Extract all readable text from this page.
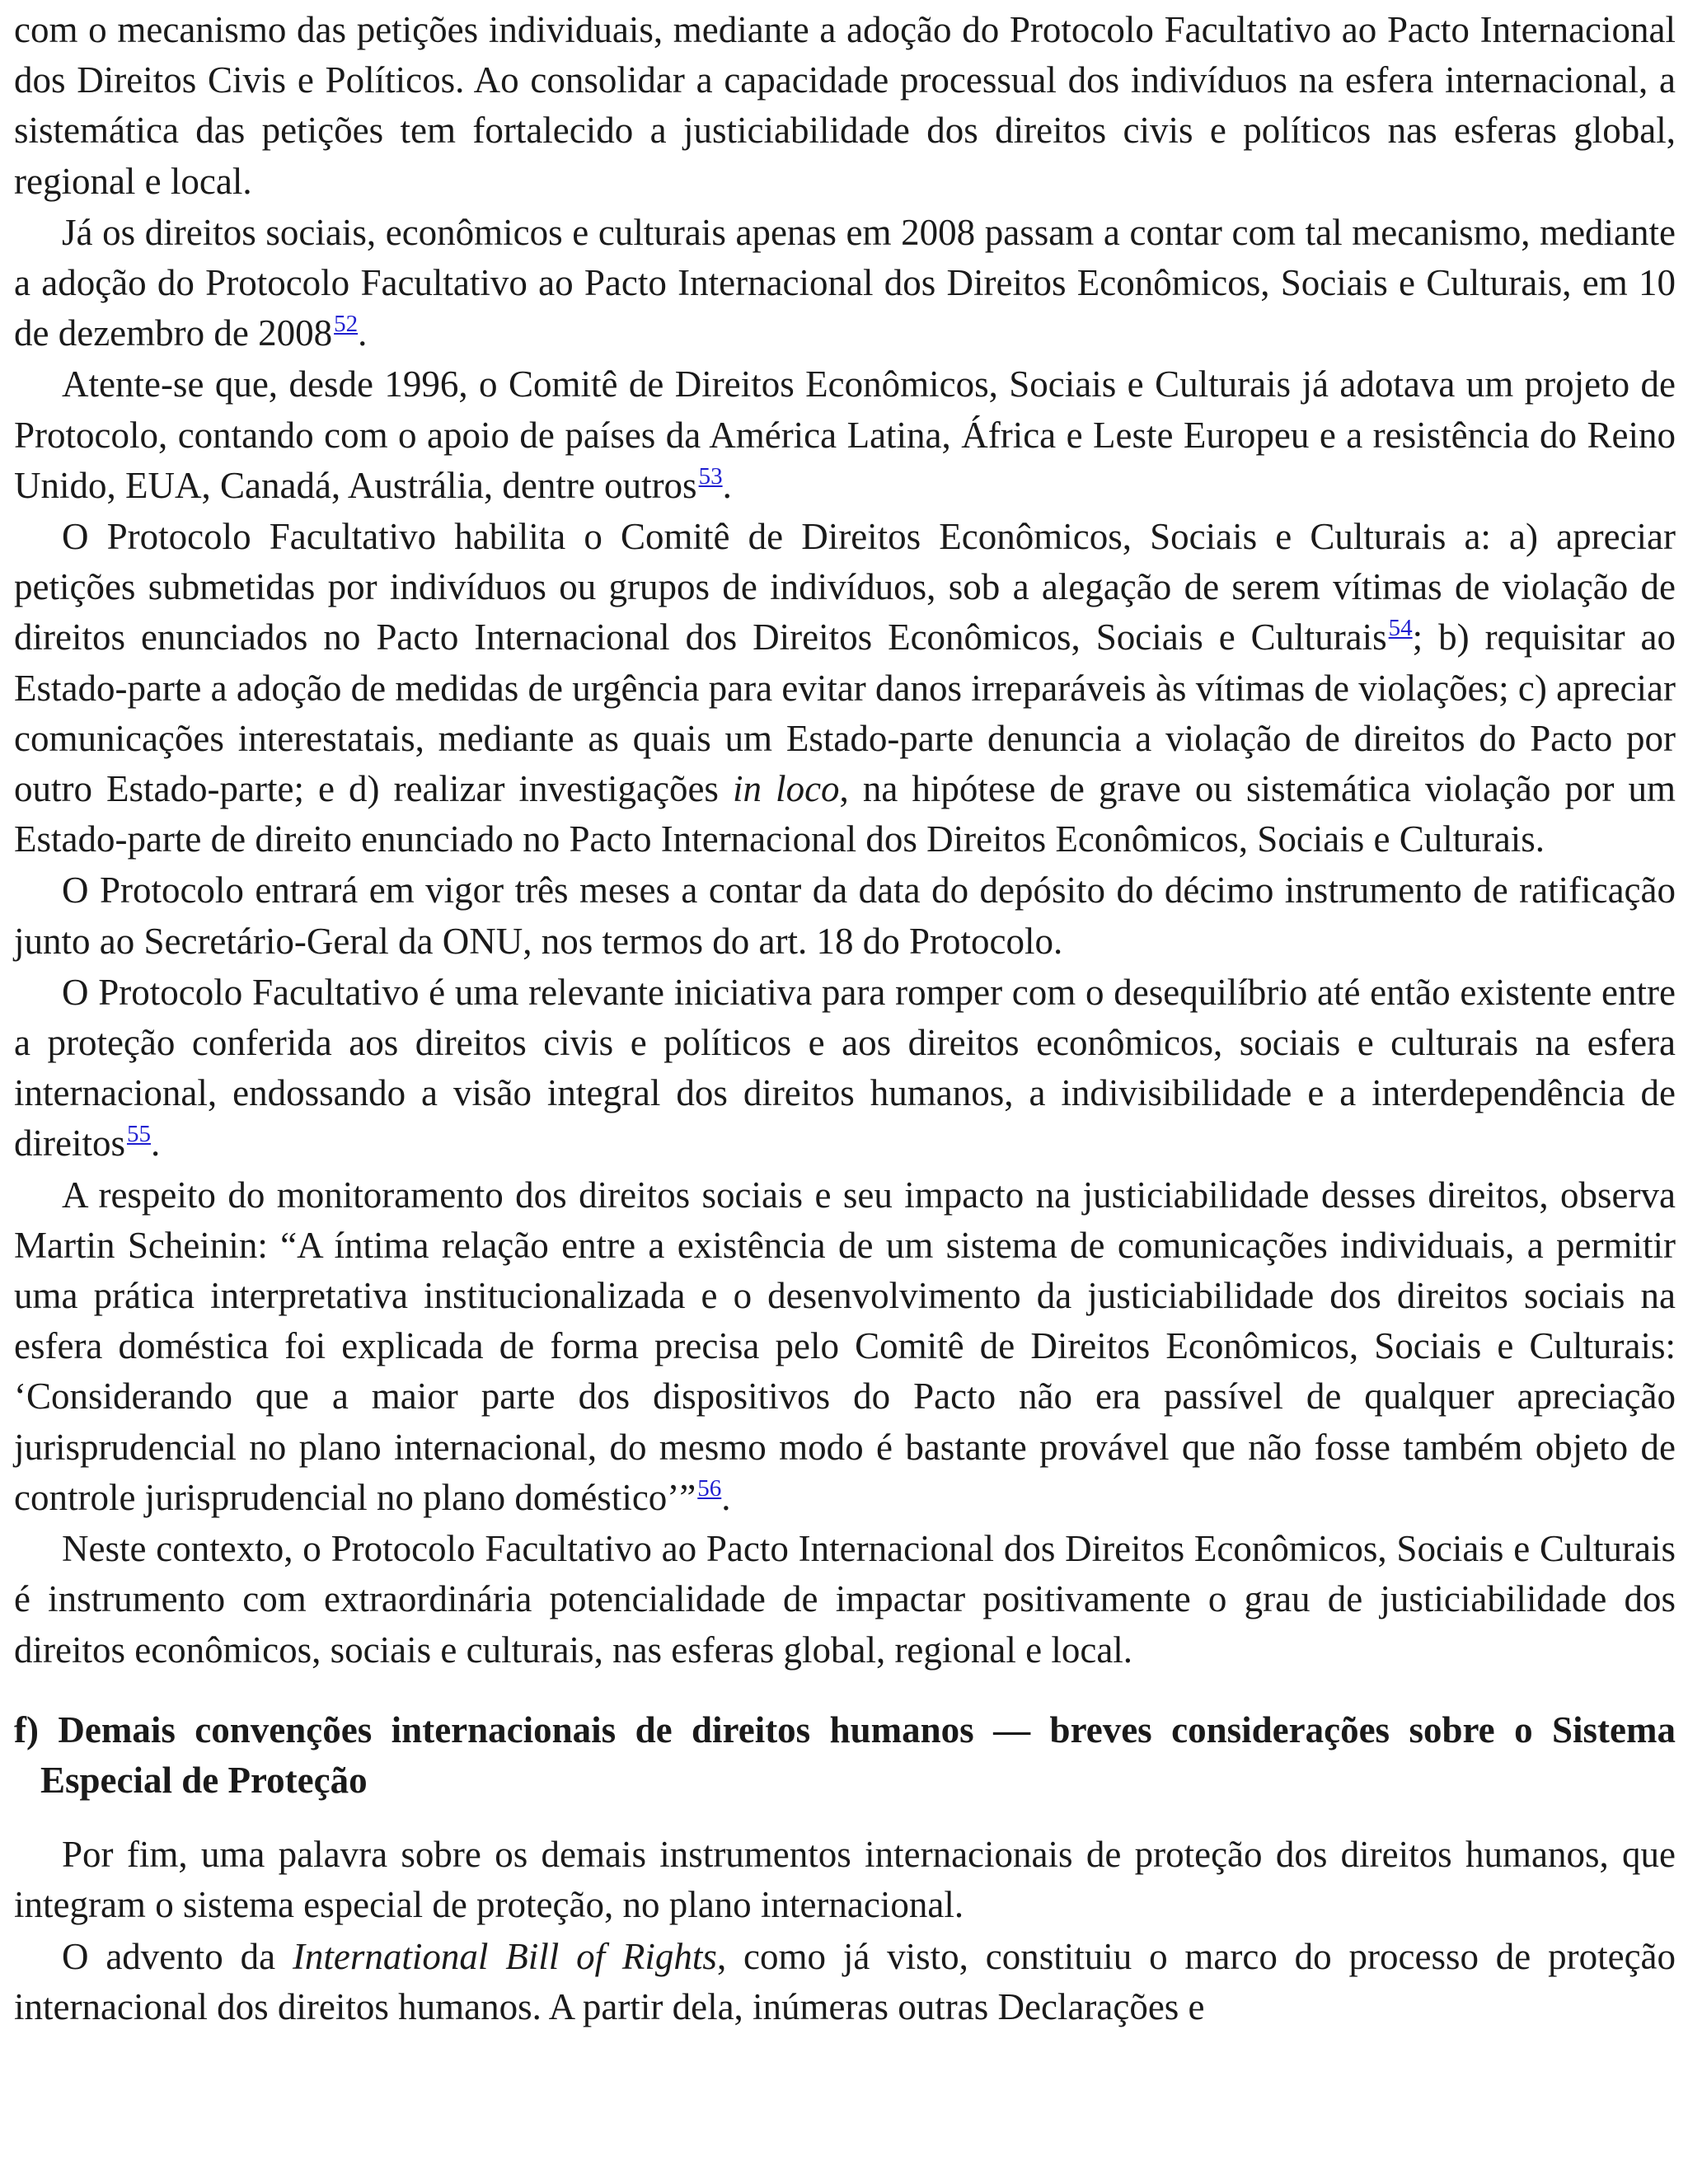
com o mecanismo das petições individuais, mediante a adoção do Protocolo Facultativo ao Pacto Internacional dos Direitos Civis e Políticos. Ao consolidar a capacidade processual dos indivíduos na esfera internacional, a sistemática das petições tem fortalecido a justiciabilidade dos direitos civis e políticos nas esferas global, regional e local.

Já os direitos sociais, econômicos e culturais apenas em 2008 passam a contar com tal mecanismo, mediante a adoção do Protocolo Facultativo ao Pacto Internacional dos Direitos Econômicos, Sociais e Culturais, em 10 de dezembro de 2008$^{52}$.

Atente-se que, desde 1996, o Comitê de Direitos Econômicos, Sociais e Culturais já adotava um projeto de Protocolo, contando com o apoio de países da América Latina, África e Leste Europeu e a resistência do Reino Unido, EUA, Canadá, Austrália, dentre outros$^{53}$.

O Protocolo Facultativo habilita o Comitê de Direitos Econômicos, Sociais e Culturais a: a) apreciar petições submetidas por indivíduos ou grupos de indivíduos, sob a alegação de serem vítimas de violação de direitos enunciados no Pacto Internacional dos Direitos Econômicos, Sociais e Culturais$^{54}$; b) requisitar ao Estado-parte a adoção de medidas de urgência para evitar danos irreparáveis às vítimas de violações; c) apreciar comunicações interestatais, mediante as quais um Estado-parte denuncia a violação de direitos do Pacto por outro Estado-parte; e d) realizar investigações in loco, na hipótese de grave ou sistemática violação por um Estado-parte de direito enunciado no Pacto Internacional dos Direitos Econômicos, Sociais e Culturais.

O Protocolo entrará em vigor três meses a contar da data do depósito do décimo instrumento de ratificação junto ao Secretário-Geral da ONU, nos termos do art. 18 do Protocolo.

O Protocolo Facultativo é uma relevante iniciativa para romper com o desequilíbrio até então existente entre a proteção conferida aos direitos civis e políticos e aos direitos econômicos, sociais e culturais na esfera internacional, endossando a visão integral dos direitos humanos, a indivisibilidade e a interdependência de direitos$^{55}$.

A respeito do monitoramento dos direitos sociais e seu impacto na justiciabilidade desses direitos, observa Martin Scheinin: “A íntima relação entre a existência de um sistema de comunicações individuais, a permitir uma prática interpretativa institucionalizada e o desenvolvimento da justiciabilidade dos direitos sociais na esfera doméstica foi explicada de forma precisa pelo Comitê de Direitos Econômicos, Sociais e Culturais: ‘Considerando que a maior parte dos dispositivos do Pacto não era passível de qualquer apreciação jurisprudencial no plano internacional, do mesmo modo é bastante provável que não fosse também objeto de controle jurisprudencial no plano doméstico’”$^{56}$.

Neste contexto, o Protocolo Facultativo ao Pacto Internacional dos Direitos Econômicos, Sociais e Culturais é instrumento com extraordinária potencialidade de impactar positivamente o grau de justiciabilidade dos direitos econômicos, sociais e culturais, nas esferas global, regional e local.

f) Demais convenções internacionais de direitos humanos — breves considerações sobre o Sistema Especial de Proteção

Por fim, uma palavra sobre os demais instrumentos internacionais de proteção dos direitos humanos, que integram o sistema especial de proteção, no plano internacional.

O advento da International Bill of Rights, como já visto, constituiu o marco do processo de proteção internacional dos direitos humanos. A partir dela, inúmeras outras Declarações e
